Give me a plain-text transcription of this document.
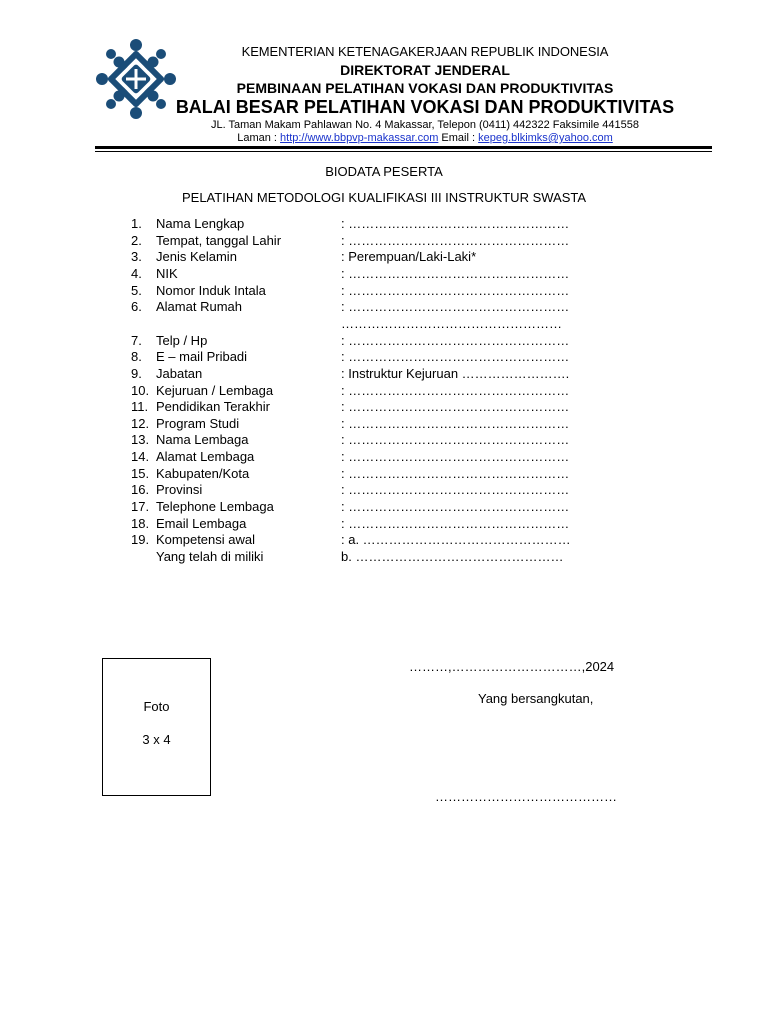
KEMENTERIAN KETENAGAKERJAAN REPUBLIK INDONESIA
DIREKTORAT JENDERAL
PEMBINAAN PELATIHAN VOKASI DAN PRODUKTIVITAS
BALAI BESAR PELATIHAN VOKASI DAN PRODUKTIVITAS
JL. Taman Makam Pahlawan No. 4 Makassar, Telepon (0411) 442322 Faksimile 441558
Laman : http://www.bbpvp-makassar.com Email : kepeg.blkimks@yahoo.com
BIODATA PESERTA
PELATIHAN METODOLOGI KUALIFIKASI III INSTRUKTUR SWASTA
1.	Nama Lengkap	: ……………………………………………
2.	Tempat, tanggal Lahir	: ……………………………………………
3.	Jenis Kelamin	: Perempuan/Laki-Laki*
4.	NIK	: ……………………………………………
5.	Nomor Induk Intala	: ……………………………………………
6.	Alamat Rumah	: ……………………………………………
……………………………………………
7.	Telp / Hp	: ……………………………………………
8.	E – mail Pribadi	: ……………………………………………
9.	Jabatan	: Instruktur Kejuruan …………………….
10. Kejuruan / Lembaga	: ……………………………………………
11. Pendidikan Terakhir	: ……………………………………………
12. Program Studi	: ……………………………………………
13. Nama Lembaga	: ……………………………………………
14. Alamat Lembaga	: ……………………………………………
15. Kabupaten/Kota	: ……………………………………………
16. Provinsi	: ……………………………………………
17. Telephone Lembaga	: ……………………………………………
18. Email Lembaga	: ……………………………………………
19. Kompetensi awal	: a. …………………………………………
Yang telah di miliki	b. …………………………………………
Foto
3 x 4
………,…………………………,2024
Yang bersangkutan,
……………………………………
